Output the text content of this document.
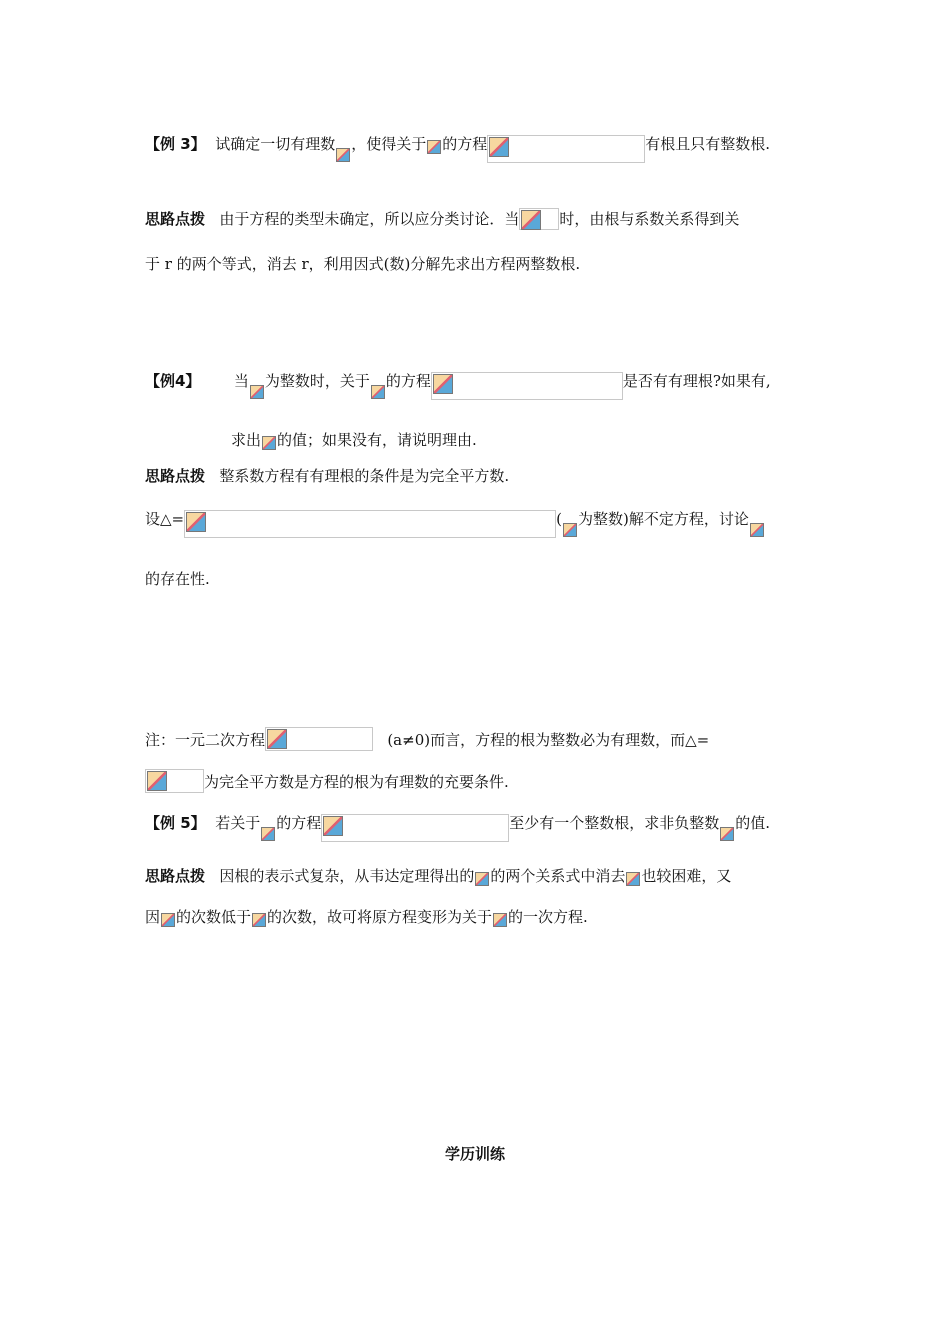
【例 3】 试确定一切有理数 ，使得关于 的方程	有根且只有整数根.
思路点拨 由于方程的类型未确定，所以应分类讨论．当	时，由根与系数关系得到关
于 r 的两个等式，消去 r，利用因式(数)分解先求出方程两整数根.
【例4】 当 为整数时，关于 的方程	是否有有理根?如果有,
求出 的值；如果没有，请说明理由.
思路点拨 整系数方程有有理根的条件是为完全平方数.
设△=	( 为整数)解不定方程，讨论
的存在性.
注：一元二次方程	(a≠0)而言，方程的根为整数必为有理数，而△=
为完全平方数是方程的根为有理数的充要条件.
【例 5】 若关于 的方程	至少有一个整数根，求非负整数 的值.
思路点拨 因根的表示式复杂，从韦达定理得出的 的两个关系式中消去 也较困难，又
因 的次数低于 的次数，故可将原方程变形为关于 的一次方程.
学历训练
